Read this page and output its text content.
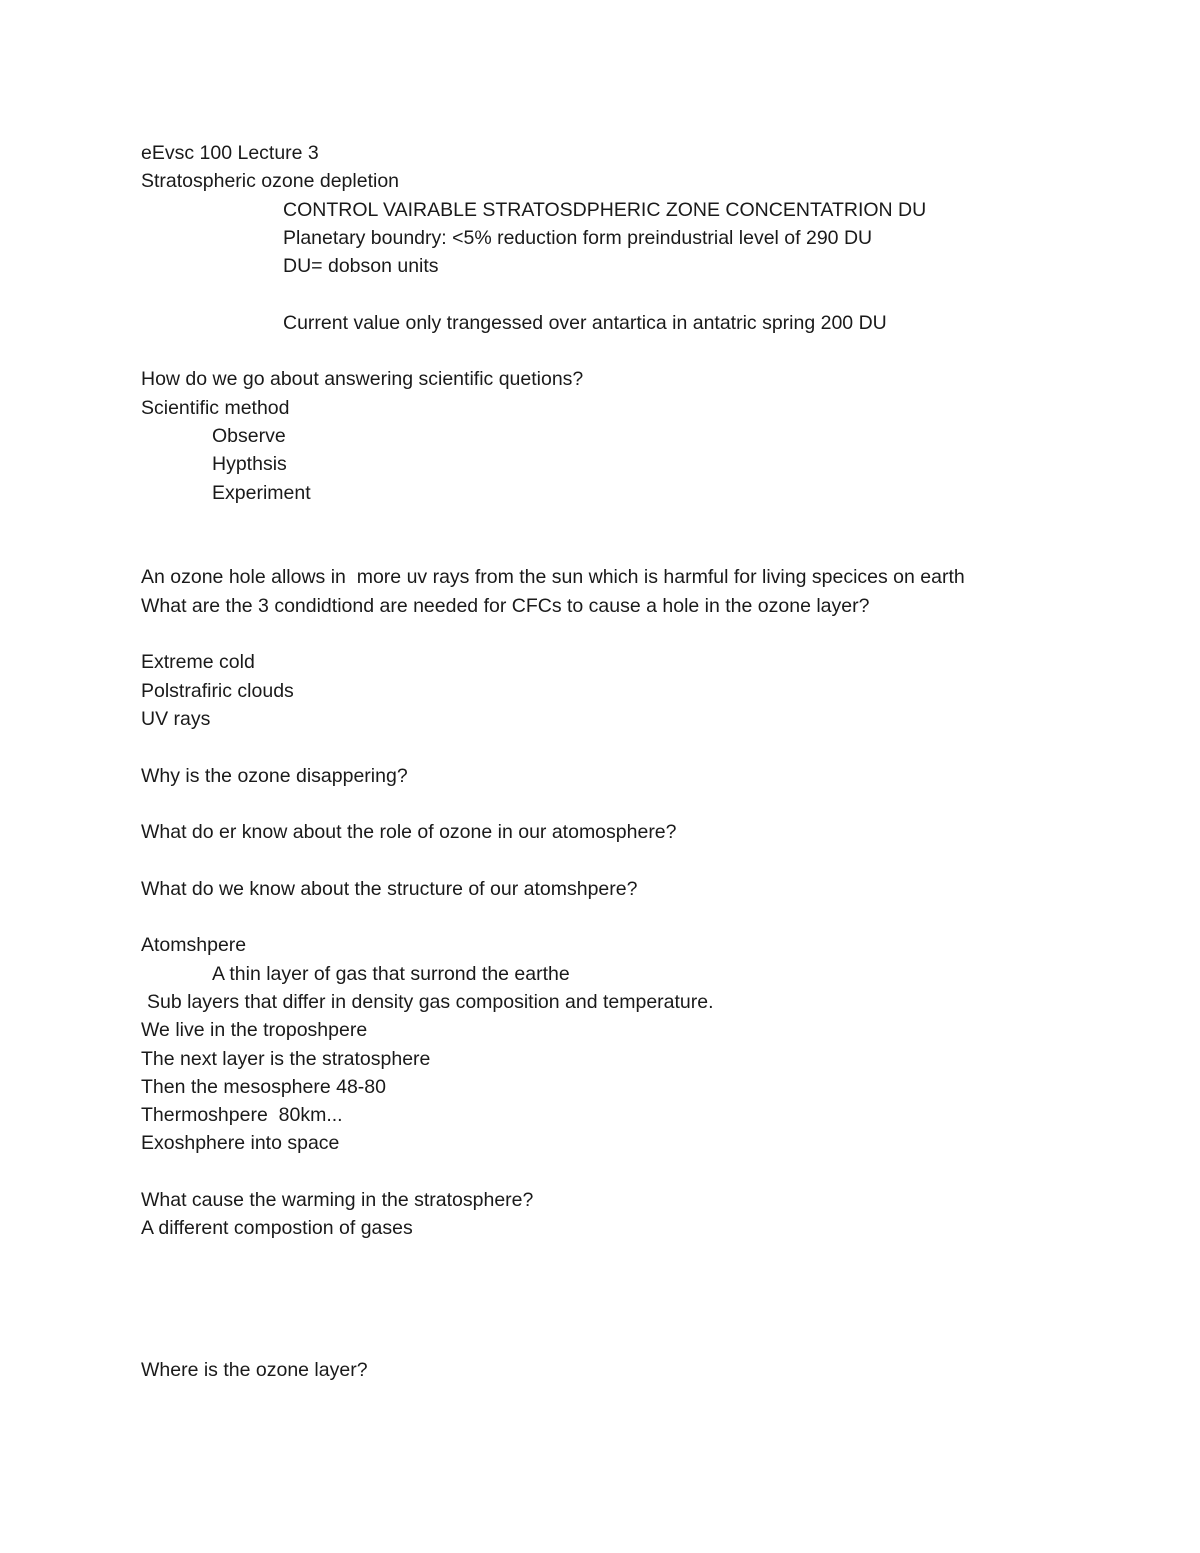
eEvsc 100 Lecture 3
Stratospheric ozone depletion
CONTROL VAIRABLE STRATOSDPHERIC ZONE CONCENTATRION DU
Planetary boundry: <5% reduction form preindustrial level of 290 DU
DU= dobson units
Current value only trangessed over antartica in antatric spring 200 DU
How do we go about answering scientific quetions?
Scientific method
Observe
Hypthsis
Experiment
An ozone hole allows in  more uv rays from the sun which is harmful for living specices on earth
What are the 3 condidtiond are needed for CFCs to cause a hole in the ozone layer?
Extreme cold
Polstrafiric clouds
UV rays
Why is the ozone disappering?
What do er know about the role of ozone in our atomosphere?
What do we know about the structure of our atomshpere?
Atomshpere
A thin layer of gas that surrond the earthe
Sub layers that differ in density gas composition and temperature.
We live in the troposhpere
The next layer is the stratosphere
Then the mesosphere 48-80
Thermoshpere  80km...
Exoshphere into space
What cause the warming in the stratosphere?
A different compostion of gases
Where is the ozone layer?
